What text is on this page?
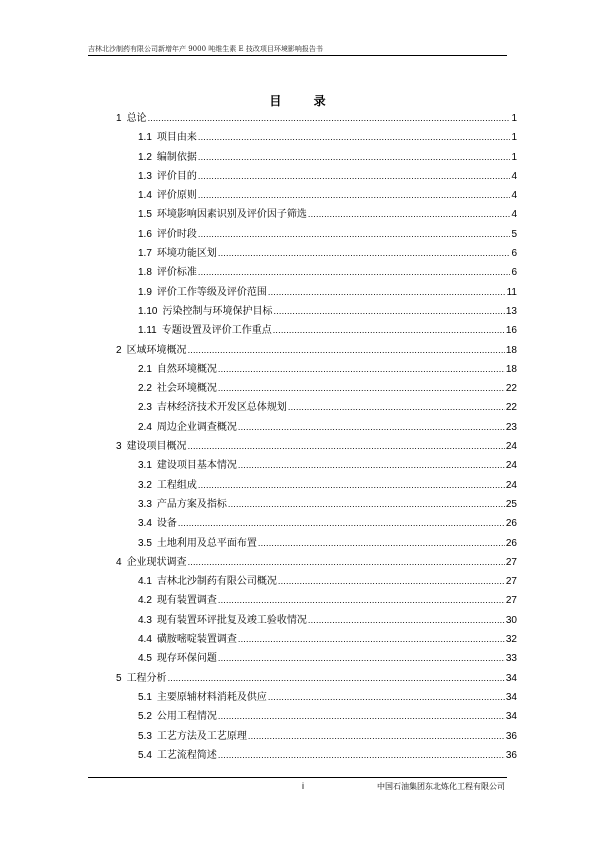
吉林北沙制药有限公司新增年产 9000 吨维生素 E 技改项目环境影响报告书
目 录
1 总论 .....	1
1.1 项目由来 .....	1
1.2 编制依据 .....	1
1.3 评价目的 .....	4
1.4 评价原则 .....	4
1.5 环境影响因素识别及评价因子筛选 .....	4
1.6 评价时段 .....	5
1.7 环境功能区划 .....	6
1.8 评价标准 .....	6
1.9 评价工作等级及评价范围 .....	11
1.10 污染控制与环境保护目标 .....	13
1.11 专题设置及评价工作重点 .....	16
2 区域环境概况 .....	18
2.1 自然环境概况 .....	18
2.2 社会环境概况 .....	22
2.3 吉林经济技术开发区总体规划 .....	22
2.4 周边企业调查概况 .....	23
3 建设项目概况 .....	24
3.1 建设项目基本情况 .....	24
3.2 工程组成 .....	24
3.3 产品方案及指标 .....	25
3.4 设备 .....	26
3.5 土地利用及总平面布置 .....	26
4 企业现状调查 .....	27
4.1 吉林北沙制药有限公司概况 .....	27
4.2 现有装置调查 .....	27
4.3 现有装置环评批复及竣工验收情况 .....	30
4.4 磺胺嘧啶装置调查 .....	32
4.5 现存环保问题 .....	33
5 工程分析 .....	34
5.1 主要原辅材料消耗及供应 .....	34
5.2 公用工程情况 .....	34
5.3 工艺方法及工艺原理 .....	36
5.4 工艺流程简述 .....	36
i	中国石油集团东北炼化工程有限公司
